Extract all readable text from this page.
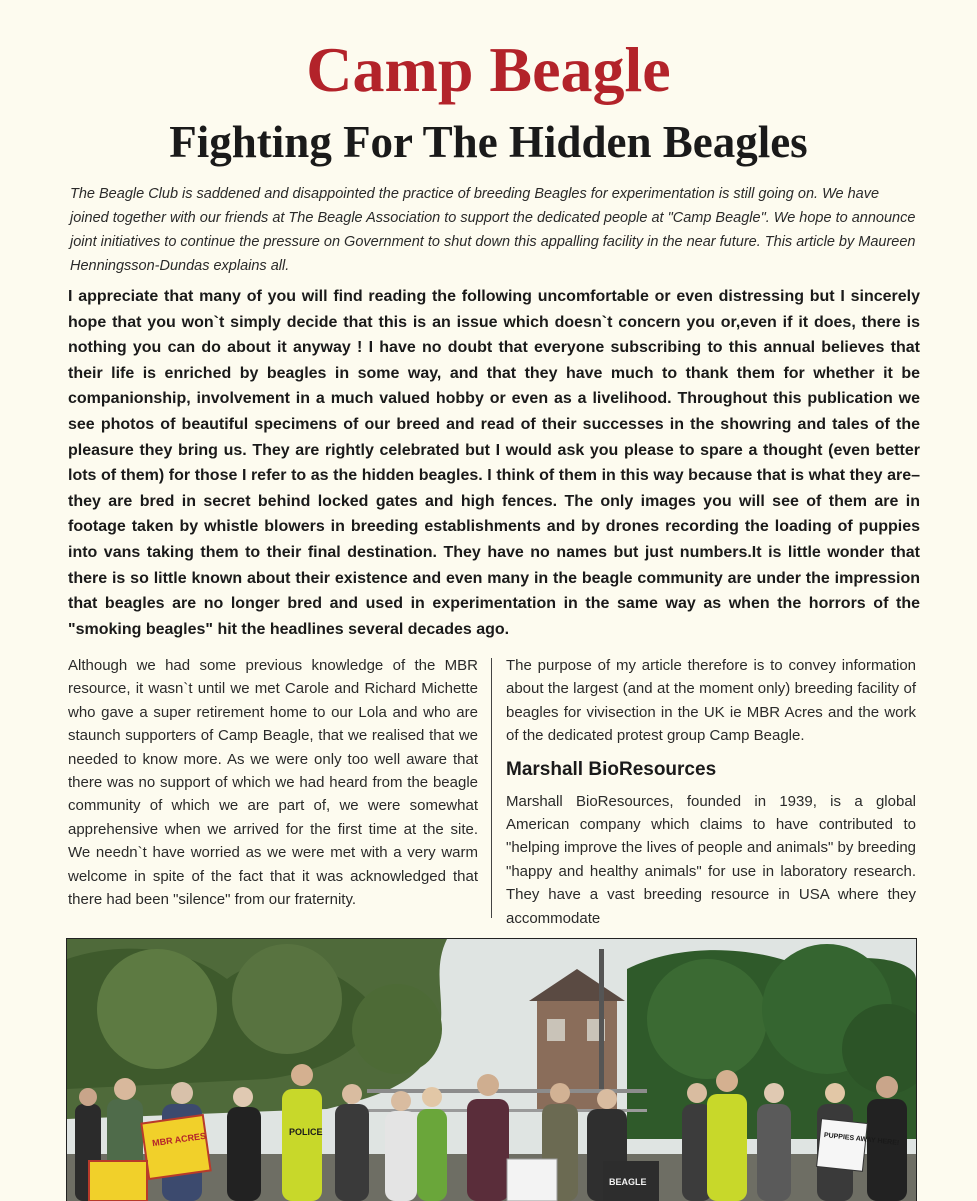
Camp Beagle
Fighting For The Hidden Beagles

The Beagle Club is saddened and disappointed the practice of breeding Beagles for experimentation is still going on. We have joined together with our friends at The Beagle Association to support the dedicated people at "Camp Beagle". We hope to announce joint initiatives to continue the pressure on Government to shut down this appalling facility in the near future. This article by Maureen Henningsson-Dundas explains all.

I appreciate that many of you will find reading the following uncomfortable or even distressing but I sincerely hope that you won`t simply decide that this is an issue which doesn`t concern you or,even if it does, there is nothing you can do about it anyway ! I have no doubt that everyone subscribing to this annual believes that their life is enriched by beagles in some way, and that they have much to thank them for whether it be companionship, involvement in a much valued hobby or even as a livelihood. Throughout this publication we see photos of beautiful specimens of our breed and read of their successes in the showring and tales of the pleasure they bring us. They are rightly celebrated but I would ask you please to spare a thought (even better lots of them) for those I refer to as the hidden beagles. I think of them in this way because that is what they are–they are bred in secret behind locked gates and high fences. The only images you will see of them are in footage taken by whistle blowers in breeding establishments and by drones recording the loading of puppies into vans taking them to their final destination. They have no names but just numbers.It is little wonder that there is so little known about their existence and even many in the beagle community are under the impression that beagles are no longer bred and used in experimentation in the same way as when the horrors of the "smoking beagles" hit the headlines several decades ago.

Although we had some previous knowledge of the MBR resource, it wasn`t until we met Carole and Richard Michette who gave a super retirement home to our Lola and who are staunch supporters of Camp Beagle, that we realised that we needed to know more. As we were only too well aware that there was no support of which we had heard from the beagle community of which we are part of, we were somewhat apprehensive when we arrived for the first time at the site. We needn`t have worried as we were met with a very warm welcome in spite of the fact that it was acknowledged that there had been "silence" from our fraternity.

The purpose of my article therefore is to convey information about the largest (and at the moment only) breeding facility of beagles for vivisection in the UK ie MBR Acres and the work of the dedicated protest group Camp Beagle.

Marshall BioResources

Marshall BioResources, founded in 1939, is a global American company which claims to have contributed to "helping improve the lives of people and animals" by breeding "happy and healthy animals" for use in laboratory research. They have a vast breeding resource in USA where they accommodate

MBR ACRES	POLICE
BEAGLE
PUPPIES AWAY HERE!
